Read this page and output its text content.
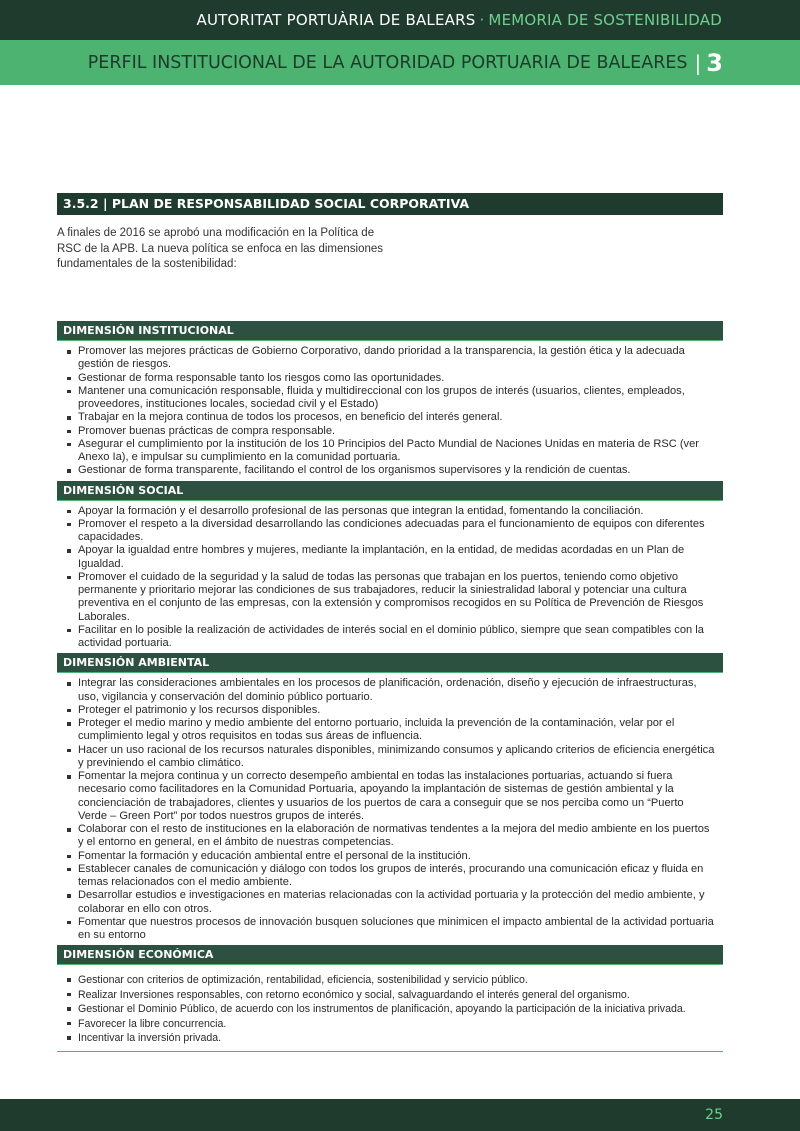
AUTORITAT PORTUÀRIA DE BALEARS · MEMORIA DE SOSTENIBILIDAD
PERFIL INSTITUCIONAL DE LA AUTORIDAD PORTUARIA DE BALEARES | 3
3.5.2 | PLAN DE RESPONSABILIDAD SOCIAL CORPORATIVA
A finales de 2016 se aprobó una modificación en la Política de RSC de la APB. La nueva política se enfoca en las dimensiones fundamentales de la sostenibilidad:
DIMENSIÓN INSTITUCIONAL
Promover las mejores prácticas de Gobierno Corporativo, dando prioridad a la transparencia, la gestión ética y la adecuada gestión de riesgos.
Gestionar de forma responsable tanto los riesgos como las oportunidades.
Mantener una comunicación responsable, fluida y multidireccional con los grupos de interés (usuarios, clientes, empleados, proveedores, instituciones locales, sociedad civil y el Estado)
Trabajar en la mejora continua de todos los procesos, en beneficio del interés general.
Promover buenas prácticas de compra responsable.
Asegurar el cumplimiento por la institución de los 10 Principios del Pacto Mundial de Naciones Unidas en materia de RSC (ver Anexo Ia), e impulsar su cumplimiento en la comunidad portuaria.
Gestionar de forma transparente, facilitando el control de los organismos supervisores y la rendición de cuentas.
DIMENSIÓN SOCIAL
Apoyar la formación y el desarrollo profesional de las personas que integran la entidad, fomentando la conciliación.
Promover el respeto a la diversidad desarrollando las condiciones adecuadas para el funcionamiento de equipos con diferentes capacidades.
Apoyar la igualdad entre hombres y mujeres, mediante la implantación, en la entidad, de medidas acordadas en un Plan de Igualdad.
Promover el cuidado de la seguridad y la salud de todas las personas que trabajan en los puertos, teniendo como objetivo permanente y prioritario mejorar las condiciones de sus trabajadores, reducir la siniestralidad laboral y potenciar una cultura preventiva en el conjunto de las empresas, con la extensión y compromisos recogidos en su Política de Prevención de Riesgos Laborales.
Facilitar en lo posible la realización de actividades de interés social en el dominio público, siempre que sean compatibles con la actividad portuaria.
DIMENSIÓN AMBIENTAL
Integrar las consideraciones ambientales en los procesos de planificación, ordenación, diseño y ejecución de infraestructuras, uso, vigilancia y conservación del dominio público portuario.
Proteger el patrimonio y los recursos disponibles.
Proteger el medio marino y medio ambiente del entorno portuario, incluida la prevención de la contaminación, velar por el cumplimiento legal y otros requisitos en todas sus áreas de influencia.
Hacer un uso racional de los recursos naturales disponibles, minimizando consumos y aplicando criterios de eficiencia energética y previniendo el cambio climático.
Fomentar la mejora continua y un correcto desempeño ambiental en todas las instalaciones portuarias, actuando si fuera necesario como facilitadores en la Comunidad Portuaria, apoyando la implantación de sistemas de gestión ambiental y la concienciación de trabajadores, clientes y usuarios de los puertos de cara a conseguir que se nos perciba como un “Puerto Verde – Green Port” por todos nuestros grupos de interés.
Colaborar con el resto de instituciones en la elaboración de normativas tendentes a la mejora del medio ambiente en los puertos y el entorno en general, en el ámbito de nuestras competencias.
Fomentar la formación y educación ambiental entre el personal de la institución.
Establecer canales de comunicación y diálogo con todos los grupos de interés, procurando una comunicación eficaz y fluida en temas relacionados con el medio ambiente.
Desarrollar estudios e investigaciones en materias relacionadas con la actividad portuaria y la protección del medio ambiente, y colaborar en ello con otros.
Fomentar que nuestros procesos de innovación busquen soluciones que minimicen el impacto ambiental de la actividad portuaria en su entorno
DIMENSIÓN ECONÓMICA
Gestionar con criterios de optimización, rentabilidad, eficiencia, sostenibilidad y servicio público.
Realizar Inversiones responsables, con retorno económico y social, salvaguardando el interés general del organismo.
Gestionar el Dominio Público, de acuerdo con los instrumentos de planificación, apoyando la participación de la iniciativa privada.
Favorecer la libre concurrencia.
Incentivar la inversión privada.
25
